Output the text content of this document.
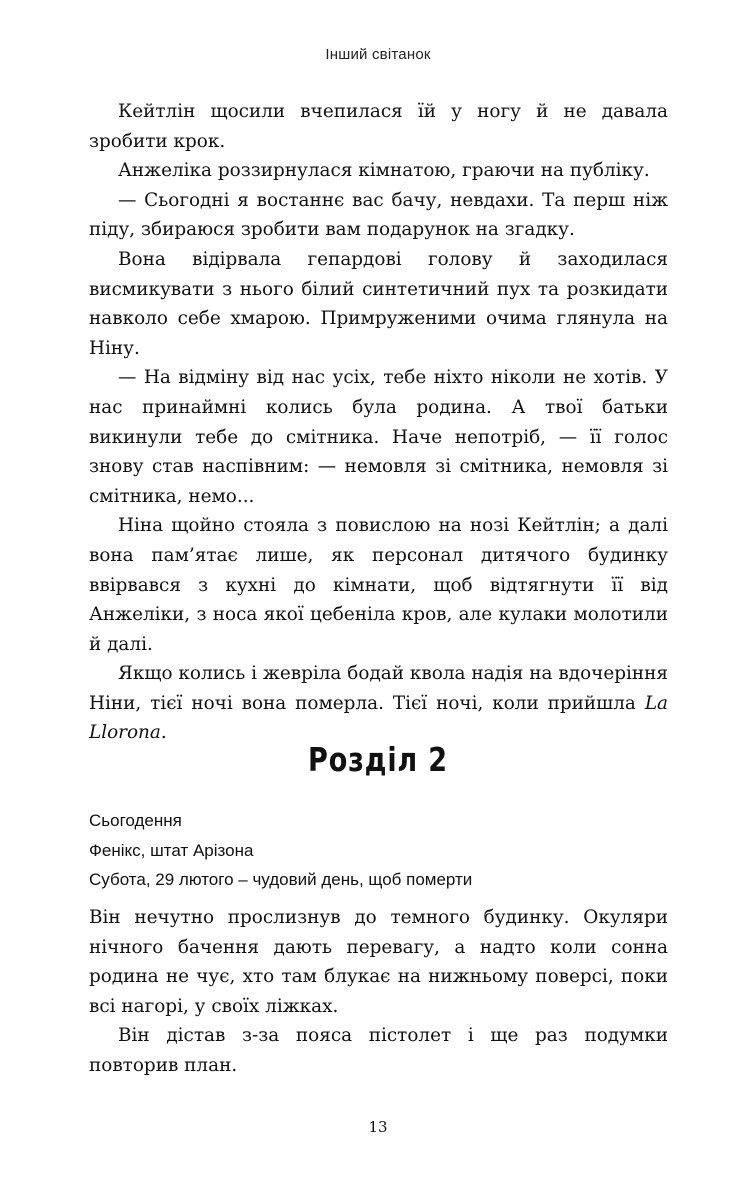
Інший світанок

Кейтлін щосили вчепилася їй у ногу й не давала зробити крок.

Анжеліка роззирнулася кімнатою, граючи на публіку.

— Сьогодні я востаннє вас бачу, невдахи. Та перш ніж піду, збираюся зробити вам подарунок на згадку.

Вона відірвала гепардові голову й заходилася висмикувати з нього білий синтетичний пух та розкидати навколо себе хмарою. Примруженими очима глянула на Ніну.

— На відміну від нас усіх, тебе ніхто ніколи не хотів. У нас принаймні колись була родина. А твої батьки викинули тебе до смітника. Наче непотріб, — її голос знову став наспівним: — немовля зі смітника, немовля зі смітника, немо...

Ніна щойно стояла з повислою на нозі Кейтлін; а далі вона пам’ятає лише, як персонал дитячого будинку ввірвався з кухні до кімнати, щоб відтягнути її від Анжеліки, з носа якої цебеніла кров, але кулаки молотили й далі.

Якщо колись і жевріла бодай квола надія на вдочеріння Ніни, тієї ночі вона померла. Тієї ночі, коли прийшла La Llorona.

Розділ 2
Сьогодення
Фенікс, штат Арізона
Субота, 29 лютого – чудовий день, щоб померти

Він нечутно прослизнув до темного будинку. Окуляри нічного бачення дають перевагу, а надто коли сонна родина не чує, хто там блукає на нижньому поверсі, поки всі нагорі, у своїх ліжках.

Він дістав з-за пояса пістолет і ще раз подумки повторив план.

13
